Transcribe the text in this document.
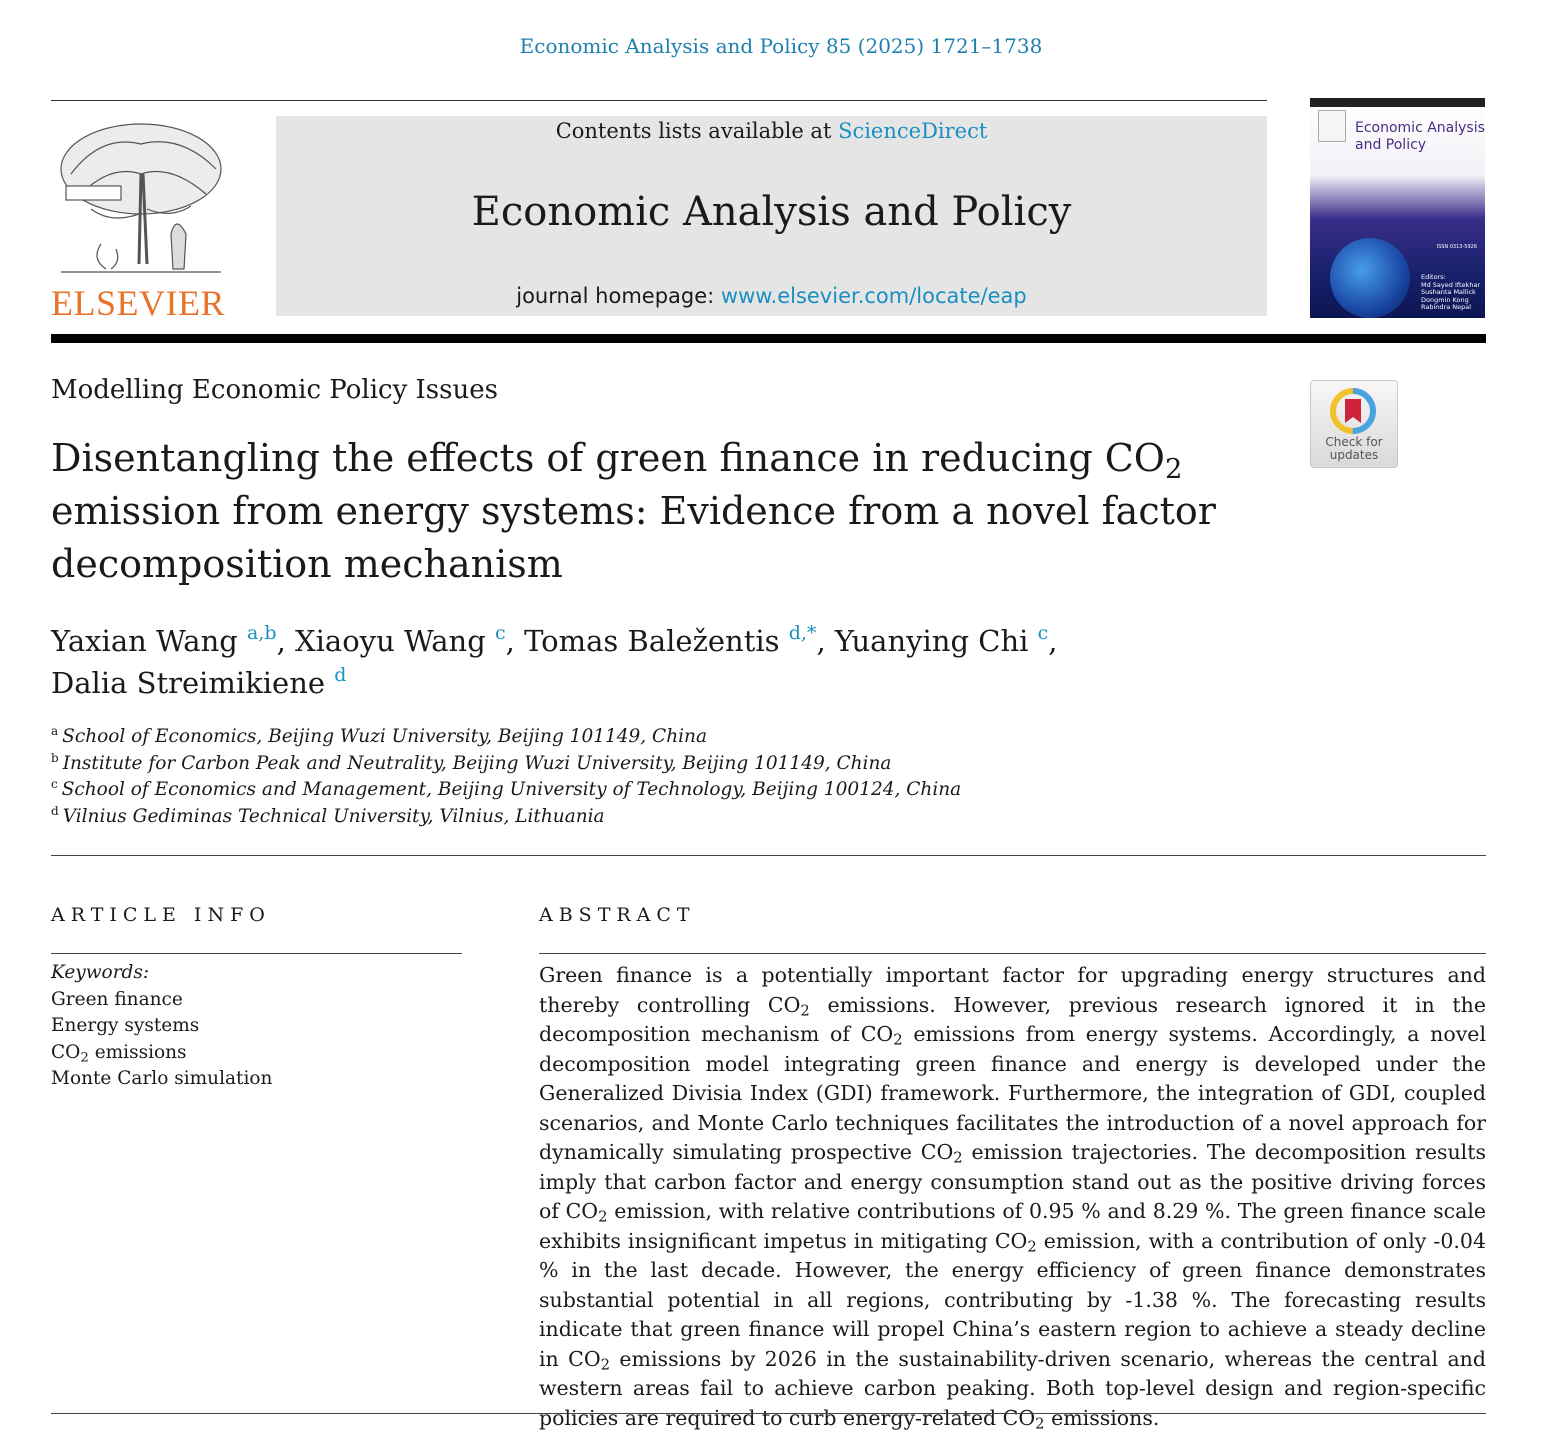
Economic Analysis and Policy 85 (2025) 1721–1738
ELSEVIER
Contents lists available at ScienceDirect
Economic Analysis and Policy
journal homepage: www.elsevier.com/locate/eap
Economic Analysis
and Policy
ISSN 0313-5926
Editors:
Md Sayed Iftekhar
Sushanta Mallick
Dongmin Kong
Rabindra Nepal
Modelling Economic Policy Issues
Check for
updates
Disentangling the effects of green finance in reducing $CO_2$ emission from energy systems: Evidence from a novel factor decomposition mechanism
Yaxian Wang $^{a,b}$, Xiaoyu Wang $^c$, Tomas Baležentis $^{d,*}$, Yuanying Chi $^c$,
Dalia Streimikiene $^d$
$^a$ School of Economics, Beijing Wuzi University, Beijing 101149, China
$^b$ Institute for Carbon Peak and Neutrality, Beijing Wuzi University, Beijing 101149, China
$^c$ School of Economics and Management, Beijing University of Technology, Beijing 100124, China
$^d$ Vilnius Gediminas Technical University, Vilnius, Lithuania
ARTICLE INFO	ABSTRACT
Keywords:
Green finance
Energy systems
$CO_2$ emissions
Monte Carlo simulation

Green finance is a potentially important factor for upgrading energy structures and thereby controlling $CO_2$ emissions. However, previous research ignored it in the decomposition mechanism of $CO_2$ emissions from energy systems. Accordingly, a novel decomposition model integrating green finance and energy is developed under the Generalized Divisia Index (GDI) framework. Furthermore, the integration of GDI, coupled scenarios, and Monte Carlo techniques facilitates the introduction of a novel approach for dynamically simulating prospective $CO_2$ emission trajectories. The decomposition results imply that carbon factor and energy consumption stand out as the positive driving forces of $CO_2$ emission, with relative contributions of 0.95 % and 8.29 %. The green finance scale exhibits insignificant impetus in mitigating $CO_2$ emission, with a contribution of only -0.04 % in the last decade. However, the energy efficiency of green finance demonstrates substantial potential in all regions, contributing by -1.38 %. The forecasting results indicate that green finance will propel China’s eastern region to achieve a steady decline in $CO_2$ emissions by 2026 in the sustainability-driven scenario, whereas the central and western areas fail to achieve carbon peaking. Both top-level design and region-specific policies are required to curb energy-related $CO_2$ emissions.
